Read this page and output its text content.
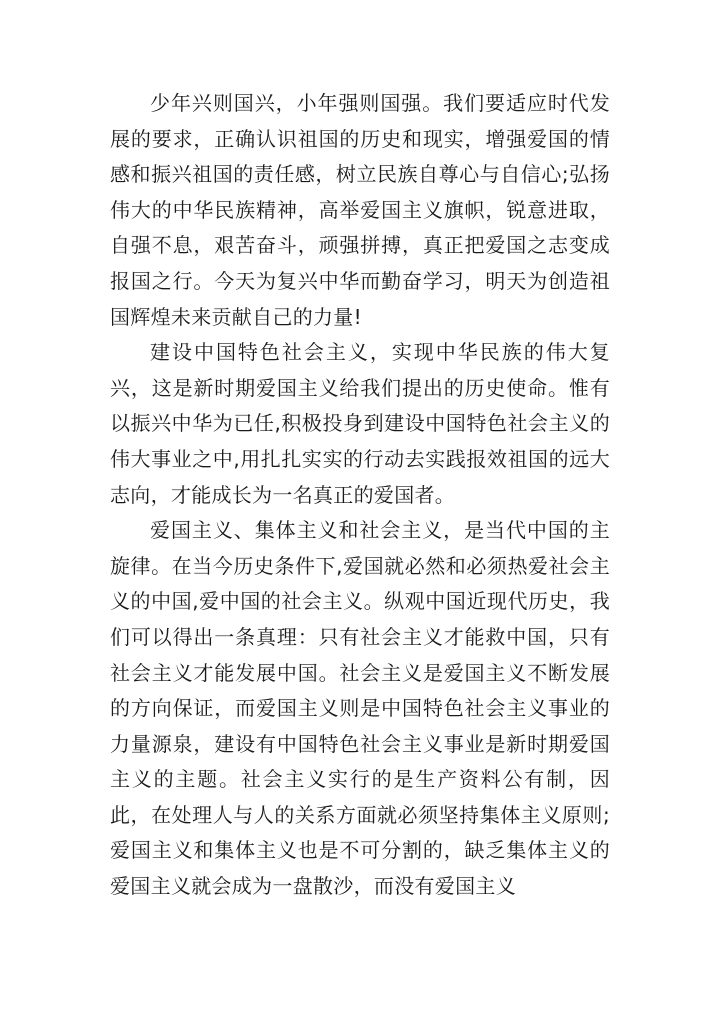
少年兴则国兴，小年强则国强。我们要适应时代发展的要求，正确认识祖国的历史和现实，增强爱国的情感和振兴祖国的责任感，树立民族自尊心与自信心;弘扬伟大的中华民族精神，高举爱国主义旗帜，锐意进取，自强不息，艰苦奋斗，顽强拼搏，真正把爱国之志变成报国之行。今天为复兴中华而勤奋学习，明天为创造祖国辉煌未来贡献自己的力量!

建设中国特色社会主义，实现中华民族的伟大复兴，这是新时期爱国主义给我们提出的历史使命。惟有以振兴中华为已任,积极投身到建设中国特色社会主义的伟大事业之中,用扎扎实实的行动去实践报效祖国的远大志向，才能成长为一名真正的爱国者。

爱国主义、集体主义和社会主义，是当代中国的主旋律。在当今历史条件下,爱国就必然和必须热爱社会主义的中国,爱中国的社会主义。纵观中国近现代历史，我们可以得出一条真理：只有社会主义才能救中国，只有社会主义才能发展中国。社会主义是爱国主义不断发展的方向保证，而爱国主义则是中国特色社会主义事业的力量源泉，建设有中国特色社会主义事业是新时期爱国主义的主题。社会主义实行的是生产资料公有制，因此，在处理人与人的关系方面就必须坚持集体主义原则;爱国主义和集体主义也是不可分割的，缺乏集体主义的爱国主义就会成为一盘散沙，而没有爱国主义
